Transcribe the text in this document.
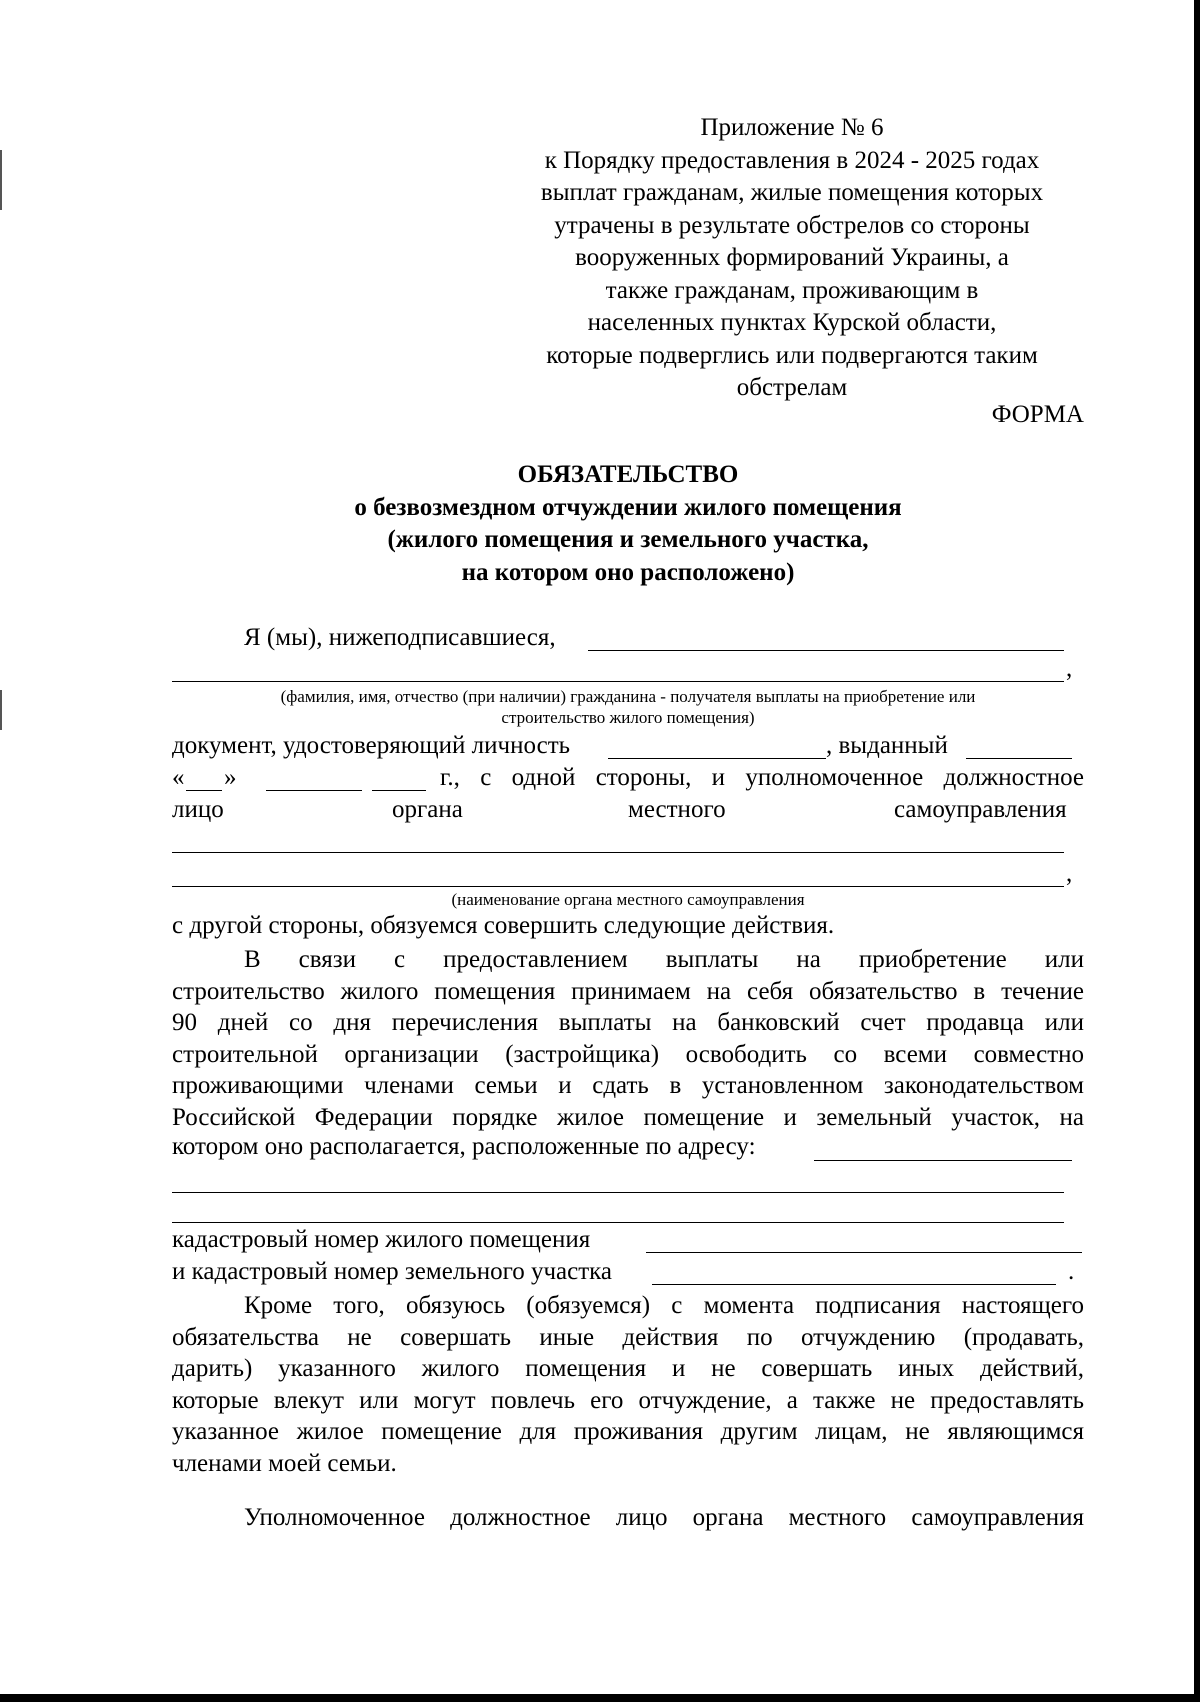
Приложение № 6
к Порядку предоставления в 2024 - 2025 годах
выплат гражданам, жилые помещения которых
утрачены в результате обстрелов со стороны
вооруженных формирований Украины, а
также гражданам, проживающим в
населенных пунктах Курской области,
которые подверглись или подвергаются таким
обстрелам
ФОРМА
ОБЯЗАТЕЛЬСТВО
о безвозмездном отчуждении жилого помещения
(жилого помещения и земельного участка,
на котором оно расположено)
Я (мы), нижеподписавшиеся,
,
(фамилия, имя, отчество (при наличии) гражданина - получателя выплаты на приобретение или
строительство жилого помещения)
документ, удостоверяющий личность	, выданный
« »	г., с одной стороны, и уполномоченное должностное
лицо	органа	местного	самоуправления
,
(наименование органа местного самоуправления
с другой стороны, обязуемся совершить следующие действия.

В связи с предоставлением выплаты на приобретение или

строительство жилого помещения принимаем на себя обязательство в течение

90 дней со дня перечисления выплаты на банковский счет продавца или

строительной организации (застройщика) освободить со всеми совместно

проживающими членами семьи и сдать в установленном законодательством

Российской Федерации порядке жилое помещение и земельный участок, на

котором оно располагается, расположенные по адресу:
кадастровый номер жилого помещения
и кадастровый номер земельного участка	.

Кроме того, обязуюсь (обязуемся) с момента подписания настоящего

обязательства не совершать иные действия по отчуждению (продавать,

дарить) указанного жилого помещения и не совершать иных действий,

которые влекут или могут повлечь его отчуждение, а также не предоставлять

указанное жилое помещение для проживания другим лицам, не являющимся

членами моей семьи.

Уполномоченное должностное лицо органа местного самоуправления
